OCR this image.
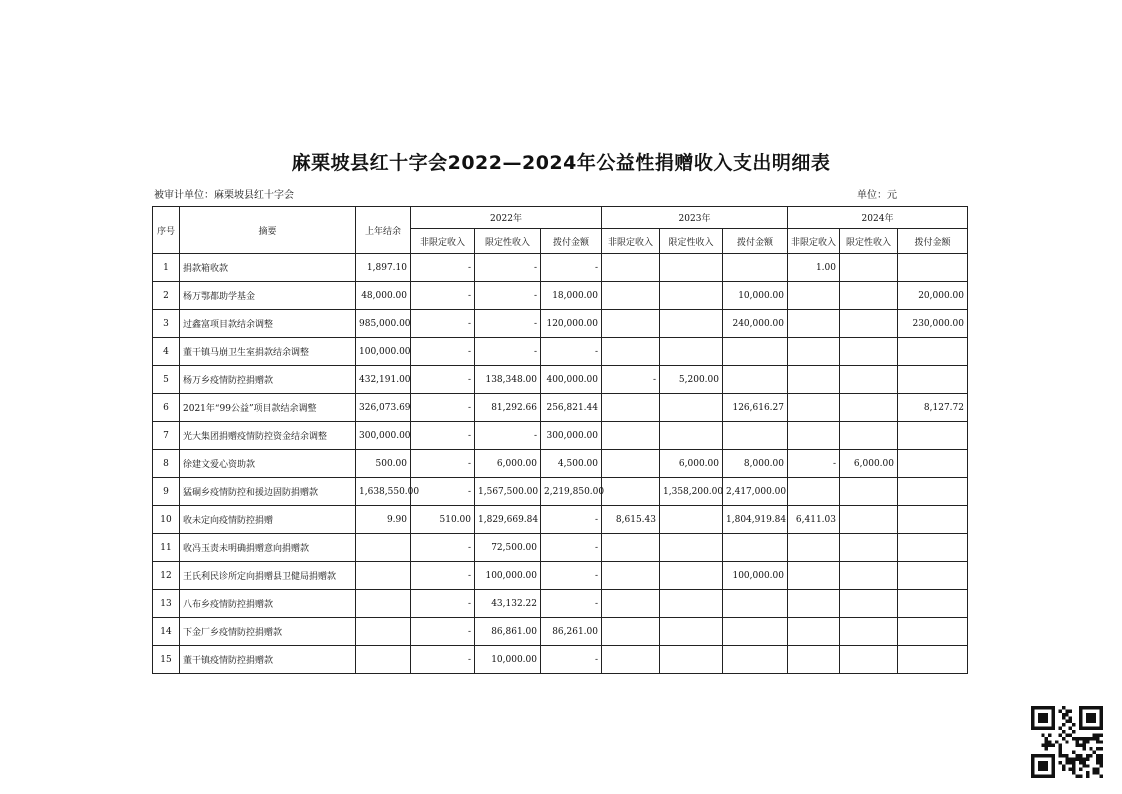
麻栗坡县红十字会2022—2024年公益性捐赠收入支出明细表
被审计单位：麻栗坡县红十字会	单位：元
序号	摘要	上年结余	2022年			2023年			2024年		
			非限定收入	限定性收入	拨付金额	非限定收入	限定性收入	拨付金额	非限定收入	限定性收入	拨付金额
1	捐款箱收款	1,897.10	-	-	-				1.00		
2	杨万鄂都助学基金	48,000.00	-	-	18,000.00			10,000.00			20,000.00
3	过鑫富项目款结余调整	985,000.00	-	-	120,000.00			240,000.00			230,000.00
4	董干镇马崩卫生室捐款结余调整	100,000.00	-	-	-						
5	杨万乡疫情防控捐赠款	432,191.00	-	138,348.00	400,000.00	-	5,200.00				
6	2021年“99公益”项目款结余调整	326,073.69	-	81,292.66	256,821.44			126,616.27			8,127.72
7	光大集团捐赠疫情防控资金结余调整	300,000.00	-	-	300,000.00						
8	徐建文爱心资助款	500.00	-	6,000.00	4,500.00		6,000.00	8,000.00	-	6,000.00	
9	猛硐乡疫情防控和援边固防捐赠款	1,638,550.00	-	1,567,500.00	2,219,850.00		1,358,200.00	2,417,000.00			
10	收未定向疫情防控捐赠	9.90	510.00	1,829,669.84	-	8,615.43		1,804,919.84	6,411.03		
11	收冯玉责未明确捐赠意向捐赠款		-	72,500.00	-						
12	王氏利民诊所定向捐赠县卫健局捐赠款		-	100,000.00	-			100,000.00			
13	八布乡疫情防控捐赠款		-	43,132.22	-						
14	下金厂乡疫情防控捐赠款		-	86,861.00	86,261.00						
15	董干镇疫情防控捐赠款		-	10,000.00	-						
